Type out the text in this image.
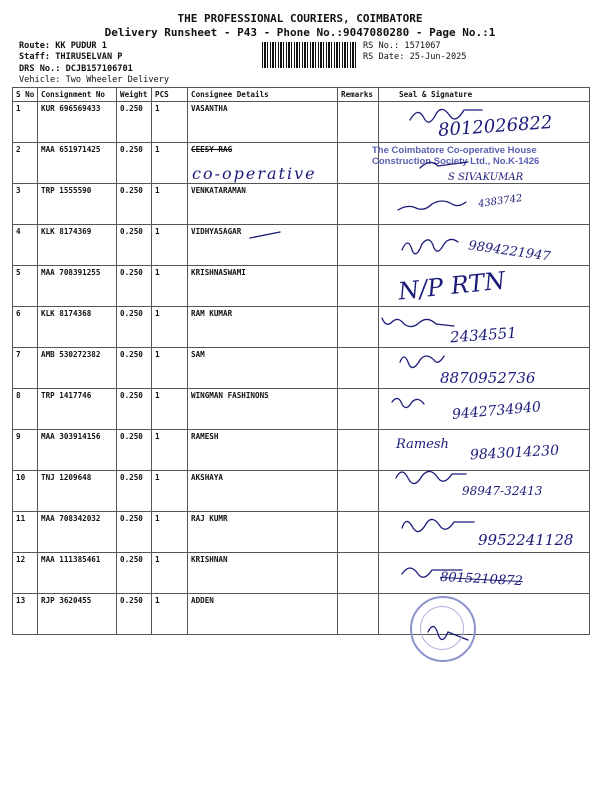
THE PROFESSIONAL COURIERS, COIMBATORE
Delivery Runsheet - P43 - Phone No.:9047080280 - Page No.:1
Route: KK PUDUR 1
Staff: THIRUSELVAN P
DRS No.: DCJB157106701
Vehicle: Two Wheeler Delivery
RS No.: 1571067
RS Date: 25-Jun-2025
S No	Consignment No	Weight	PCS	Consignee Details	Remarks	Seal & Signature
1	KUR 696569433	0.250	1	VASANTHA		
2	MAA 651971425	0.250	1	CEESY RAG		
3	TRP 1555590	0.250	1	VENKATARAMAN		
4	KLK 8174369	0.250	1	VIDHYASAGAR		
5	MAA 708391255	0.250	1	KRISHNASWAMI		
6	KLK 8174368	0.250	1	RAM KUMAR		
7	AMB 530272382	0.250	1	SAM		
8	TRP 1417746	0.250	1	WINGMAN FASHINONS		
9	MAA 303914156	0.250	1	RAMESH		
10	TNJ 1209648	0.250	1	AKSHAYA		
11	MAA 708342032	0.250	1	RAJ KUMR		
12	MAA 111385461	0.250	1	KRISHNAN		
13	RJP 3620455	0.250	1	ADDEN		
8012026822
The Coimbatore Co-operative House
Construction Society Ltd., No.K-1426
co-operative	S SIVAKUMAR
4383742
9894221947
N/P RTN
2434551
8870952736
9442734940
Ramesh 9843014230
98947-32413
9952241128
8015210872
